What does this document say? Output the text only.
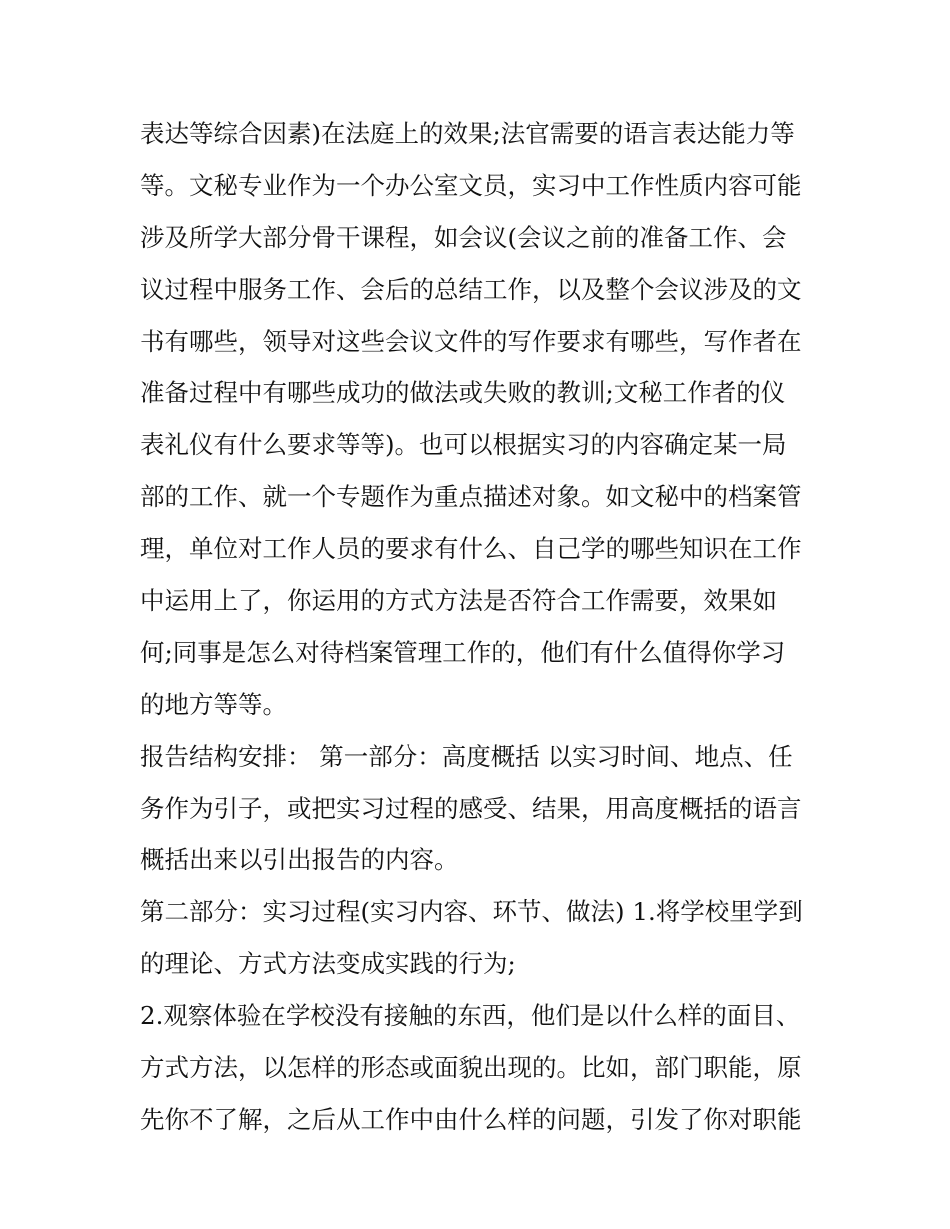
表达等综合因素)在法庭上的效果;法官需要的语言表达能力等
等。文秘专业作为一个办公室文员，实习中工作性质内容可能
涉及所学大部分骨干课程，如会议(会议之前的准备工作、会
议过程中服务工作、会后的总结工作，以及整个会议涉及的文
书有哪些，领导对这些会议文件的写作要求有哪些，写作者在
准备过程中有哪些成功的做法或失败的教训;文秘工作者的仪
表礼仪有什么要求等等)。也可以根据实习的内容确定某一局
部的工作、就一个专题作为重点描述对象。如文秘中的档案管
理，单位对工作人员的要求有什么、自己学的哪些知识在工作
中运用上了，你运用的方式方法是否符合工作需要，效果如
何;同事是怎么对待档案管理工作的，他们有什么值得你学习
的地方等等。
报告结构安排： 第一部分：高度概括 以实习时间、地点、任
务作为引子，或把实习过程的感受、结果，用高度概括的语言
概括出来以引出报告的内容。
第二部分：实习过程(实习内容、环节、做法) 1.将学校里学到
的理论、方式方法变成实践的行为;
2.观察体验在学校没有接触的东西，他们是以什么样的面目、
方式方法，以怎样的形态或面貌出现的。比如，部门职能，原
先你不了解，之后从工作中由什么样的问题，引发了你对职能
